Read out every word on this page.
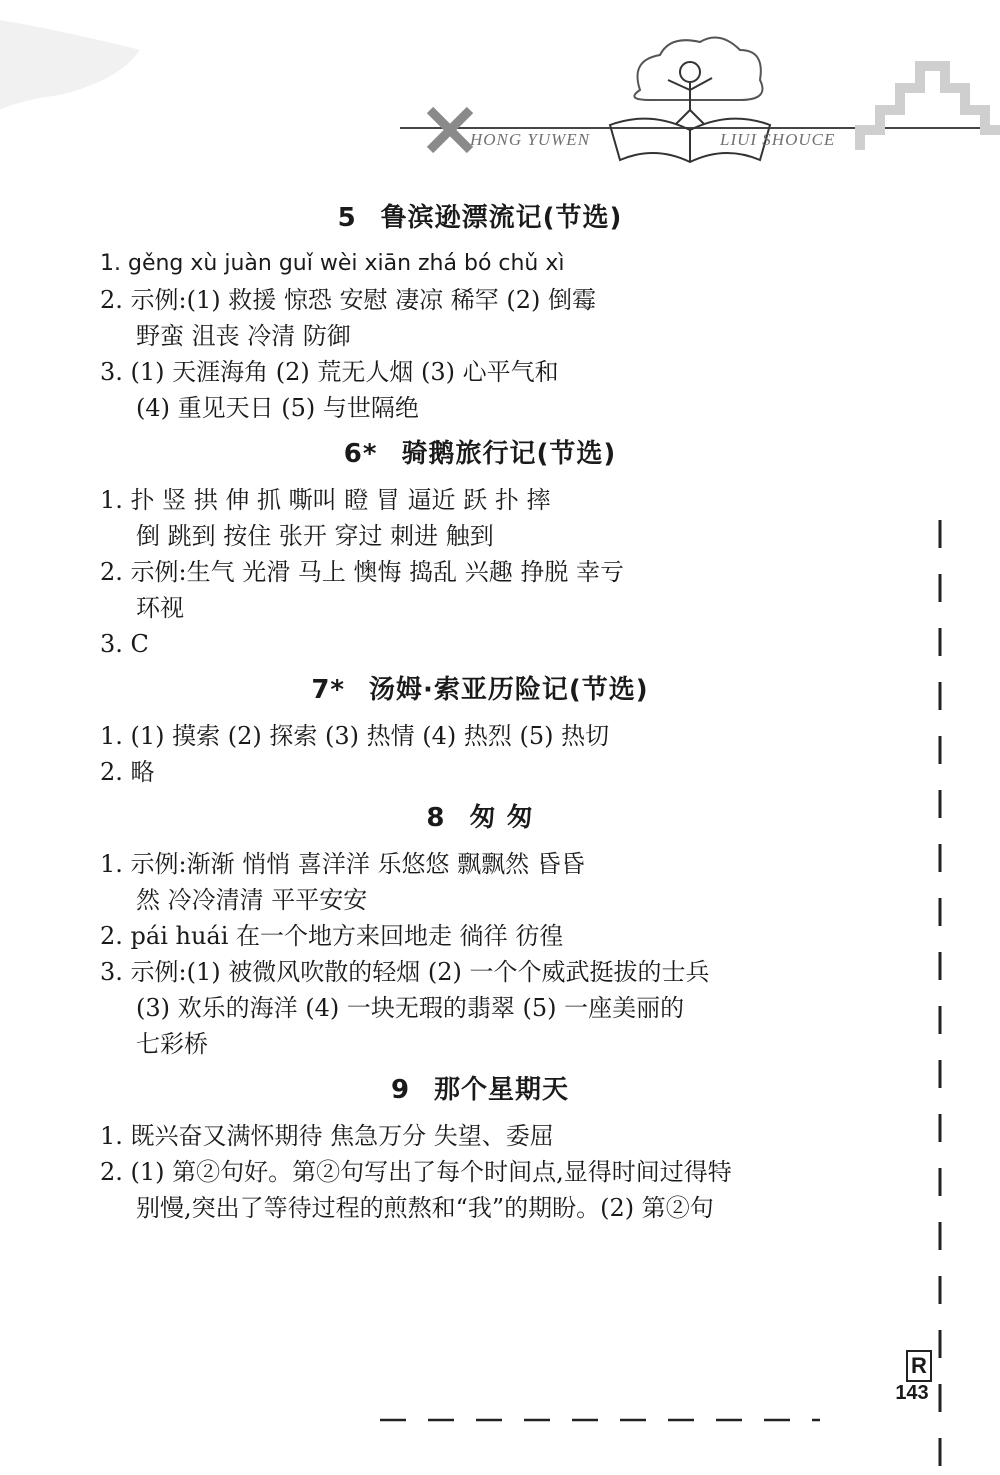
HONG YUWEN	LIUI SHOUCE
5 鲁滨逊漂流记(节选)
1. gěng xù juàn guǐ wèi xiān zhá bó chǔ xì
2. 示例:(1) 救援 惊恐 安慰 凄凉 稀罕 (2) 倒霉
野蛮 沮丧 冷清 防御
3. (1) 天涯海角 (2) 荒无人烟 (3) 心平气和
(4) 重见天日 (5) 与世隔绝
6* 骑鹅旅行记(节选)
1. 扑 竖 拱 伸 抓 嘶叫 瞪 冒 逼近 跃 扑 摔
倒 跳到 按住 张开 穿过 刺进 触到
2. 示例:生气 光滑 马上 懊悔 捣乱 兴趣 挣脱 幸亏
环视
3. C
7* 汤姆·索亚历险记(节选)
1. (1) 摸索 (2) 探索 (3) 热情 (4) 热烈 (5) 热切
2. 略
8 匆 匆
1. 示例:渐渐 悄悄 喜洋洋 乐悠悠 飘飘然 昏昏
然 冷冷清清 平平安安
2. pái huái 在一个地方来回地走 徜徉 彷徨
3. 示例:(1) 被微风吹散的轻烟 (2) 一个个威武挺拔的士兵
(3) 欢乐的海洋 (4) 一块无瑕的翡翠 (5) 一座美丽的
七彩桥
9 那个星期天
1. 既兴奋又满怀期待 焦急万分 失望、委屈
2. (1) 第②句好。第②句写出了每个时间点,显得时间过得特
别慢,突出了等待过程的煎熬和“我”的期盼。(2) 第②句
R
143
